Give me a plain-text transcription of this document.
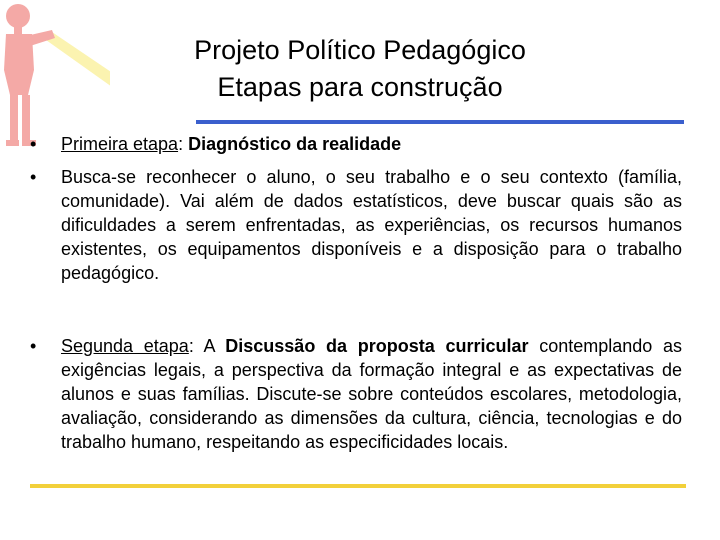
Projeto Político Pedagógico
Etapas para construção
• Primeira etapa: Diagnóstico da realidade
• Busca-se reconhecer o aluno, o seu trabalho e o seu contexto (família, comunidade). Vai além de dados estatísticos, deve buscar quais são as dificuldades a serem enfrentadas, as experiências, os recursos humanos existentes, os equipamentos disponíveis e a disposição para o trabalho pedagógico.
• Segunda etapa: A Discussão da proposta curricular contemplando as exigências legais, a perspectiva da formação integral e as expectativas de alunos e suas famílias. Discute-se sobre conteúdos escolares, metodologia, avaliação, considerando as dimensões da cultura, ciência, tecnologias e do trabalho humano, respeitando as especificidades locais.
